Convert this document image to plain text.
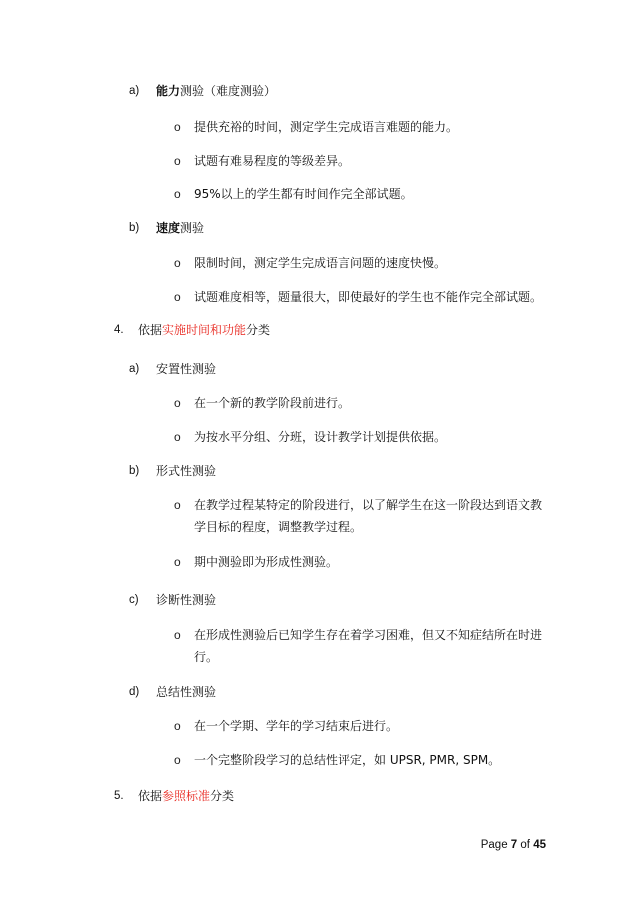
a) 能力测验（难度测验）
o 提供充裕的时间，测定学生完成语言难题的能力。
o 试题有难易程度的等级差异。
o 95%以上的学生都有时间作完全部试题。
b) 速度测验
o 限制时间，测定学生完成语言问题的速度快慢。
o 试题难度相等，题量很大，即使最好的学生也不能作完全部试题。
4. 依据实施时间和功能分类
a) 安置性测验
o 在一个新的教学阶段前进行。
o 为按水平分组、分班，设计教学计划提供依据。
b) 形式性测验
o 在教学过程某特定的阶段进行，以了解学生在这一阶段达到语文教
学目标的程度，调整教学过程。
o 期中测验即为形成性测验。
c) 诊断性测验
o 在形成性测验后已知学生存在着学习困难，但又不知症结所在时进
行。
d) 总结性测验
o 在一个学期、学年的学习结束后进行。
o 一个完整阶段学习的总结性评定，如 UPSR, PMR, SPM。
5. 依据参照标准分类
Page 7 of 45
